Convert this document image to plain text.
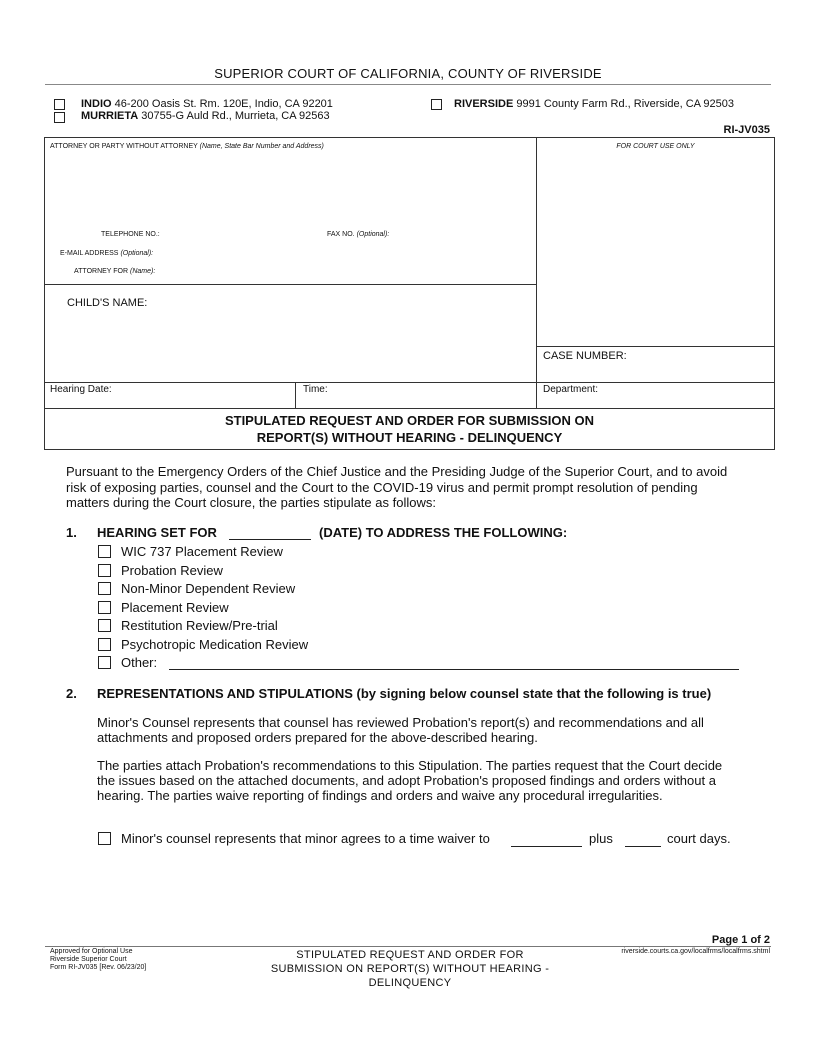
SUPERIOR COURT OF CALIFORNIA, COUNTY OF RIVERSIDE
INDIO 46-200 Oasis St. Rm. 120E, Indio, CA 92201
MURRIETA 30755-G Auld Rd., Murrieta, CA 92563
RIVERSIDE 9991 County Farm Rd., Riverside, CA 92503
RI-JV035
ATTORNEY OR PARTY WITHOUT ATTORNEY (Name, State Bar Number and Address)	FOR COURT USE ONLY
TELEPHONE NO.:	FAX NO. (Optional):
E-MAIL ADDRESS (Optional):
ATTORNEY FOR (Name):
CHILD'S NAME:
CASE NUMBER:
Hearing Date:	Time:	Department:
STIPULATED REQUEST AND ORDER FOR SUBMISSION ON
REPORT(S) WITHOUT HEARING - DELINQUENCY
Pursuant to the Emergency Orders of the Chief Justice and the Presiding Judge of the Superior Court, and to avoid
risk of exposing parties, counsel and the Court to the COVID-19 virus and permit prompt resolution of pending
matters during the Court closure, the parties stipulate as follows:
1. HEARING SET FOR	(DATE) TO ADDRESS THE FOLLOWING:
WIC 737 Placement Review
Probation Review
Non-Minor Dependent Review
Placement Review
Restitution Review/Pre-trial
Psychotropic Medication Review
Other:
2. REPRESENTATIONS AND STIPULATIONS (by signing below counsel state that the following is true)
Minor's Counsel represents that counsel has reviewed Probation's report(s) and recommendations and all
attachments and proposed orders prepared for the above-described hearing.
The parties attach Probation's recommendations to this Stipulation. The parties request that the Court decide
the issues based on the attached documents, and adopt Probation's proposed findings and orders without a
hearing. The parties waive reporting of findings and orders and waive any procedural irregularities.
Minor's counsel represents that minor agrees to a time waiver to	plus	court days.
Page 1 of 2
Approved for Optional Use
Riverside Superior Court
Form RI-JV035 [Rev. 06/23/20]
STIPULATED REQUEST AND ORDER FOR
SUBMISSION ON REPORT(S) WITHOUT HEARING -
DELINQUENCY
riverside.courts.ca.gov/localfrms/localfrms.shtml
